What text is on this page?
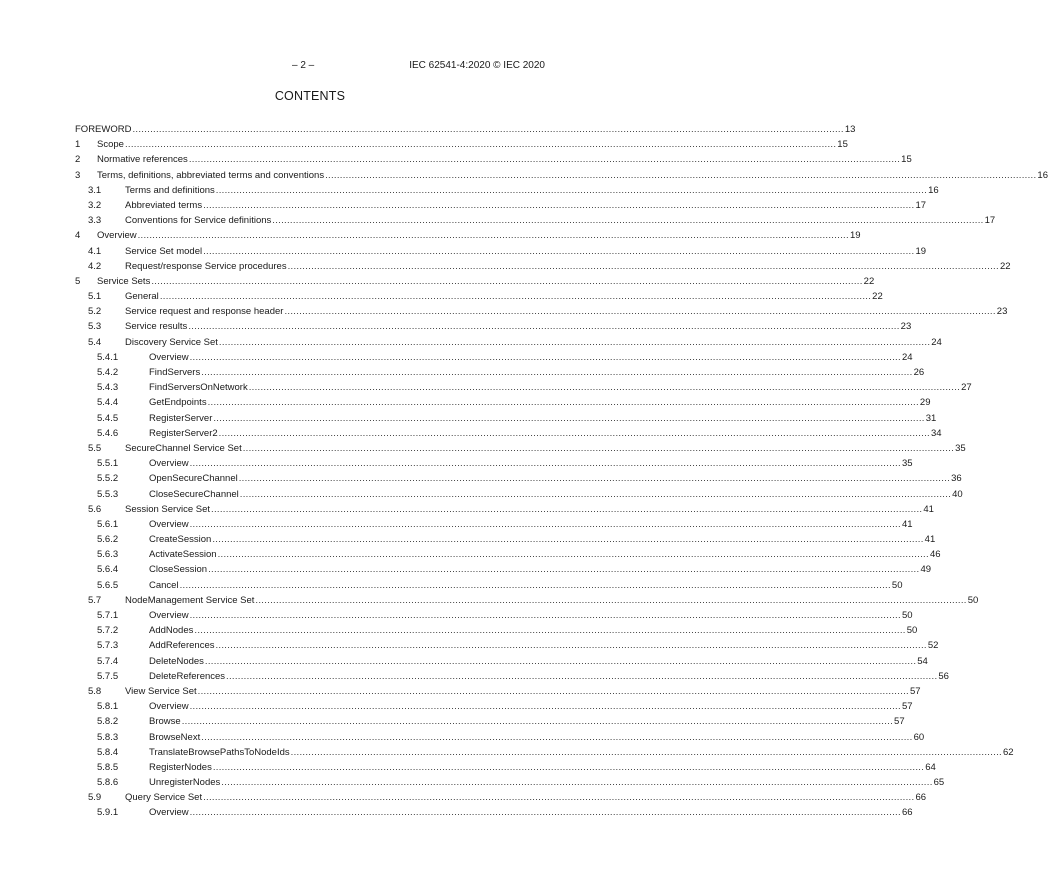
– 2 –	IEC 62541-4:2020 © IEC 2020
CONTENTS
FOREWORD .................................................................................................................................................................................................................................................. 13
1	Scope .................................................................................................................................................................................................................................................. 15
2	Normative references .................................................................................................................................................................................................................................................. 15
3	Terms, definitions, abbreviated terms and conventions .................................................................................................................................................................................................................................................. 16
3.1	Terms and definitions .................................................................................................................................................................................................................................................. 16
3.2	Abbreviated terms .................................................................................................................................................................................................................................................. 17
3.3	Conventions for Service definitions .................................................................................................................................................................................................................................................. 17
4	Overview .................................................................................................................................................................................................................................................. 19
4.1	Service Set model .................................................................................................................................................................................................................................................. 19
4.2	Request/response Service procedures .................................................................................................................................................................................................................................................. 22
5	Service Sets .................................................................................................................................................................................................................................................. 22
5.1	General .................................................................................................................................................................................................................................................. 22
5.2	Service request and response header .................................................................................................................................................................................................................................................. 23
5.3	Service results .................................................................................................................................................................................................................................................. 23
5.4	Discovery Service Set .................................................................................................................................................................................................................................................. 24
5.4.1	Overview .................................................................................................................................................................................................................................................. 24
5.4.2	FindServers .................................................................................................................................................................................................................................................. 26
5.4.3	FindServersOnNetwork .................................................................................................................................................................................................................................................. 27
5.4.4	GetEndpoints .................................................................................................................................................................................................................................................. 29
5.4.5	RegisterServer .................................................................................................................................................................................................................................................. 31
5.4.6	RegisterServer2 .................................................................................................................................................................................................................................................. 34
5.5	SecureChannel Service Set .................................................................................................................................................................................................................................................. 35
5.5.1	Overview .................................................................................................................................................................................................................................................. 35
5.5.2	OpenSecureChannel .................................................................................................................................................................................................................................................. 36
5.5.3	CloseSecureChannel .................................................................................................................................................................................................................................................. 40
5.6	Session Service Set .................................................................................................................................................................................................................................................. 41
5.6.1	Overview .................................................................................................................................................................................................................................................. 41
5.6.2	CreateSession .................................................................................................................................................................................................................................................. 41
5.6.3	ActivateSession .................................................................................................................................................................................................................................................. 46
5.6.4	CloseSession .................................................................................................................................................................................................................................................. 49
5.6.5	Cancel .................................................................................................................................................................................................................................................. 50
5.7	NodeManagement Service Set .................................................................................................................................................................................................................................................. 50
5.7.1	Overview .................................................................................................................................................................................................................................................. 50
5.7.2	AddNodes .................................................................................................................................................................................................................................................. 50
5.7.3	AddReferences .................................................................................................................................................................................................................................................. 52
5.7.4	DeleteNodes .................................................................................................................................................................................................................................................. 54
5.7.5	DeleteReferences .................................................................................................................................................................................................................................................. 56
5.8	View Service Set .................................................................................................................................................................................................................................................. 57
5.8.1	Overview .................................................................................................................................................................................................................................................. 57
5.8.2	Browse .................................................................................................................................................................................................................................................. 57
5.8.3	BrowseNext .................................................................................................................................................................................................................................................. 60
5.8.4	TranslateBrowsePathsToNodeIds .................................................................................................................................................................................................................................................. 62
5.8.5	RegisterNodes .................................................................................................................................................................................................................................................. 64
5.8.6	UnregisterNodes .................................................................................................................................................................................................................................................. 65
5.9	Query Service Set .................................................................................................................................................................................................................................................. 66
5.9.1	Overview .................................................................................................................................................................................................................................................. 66
